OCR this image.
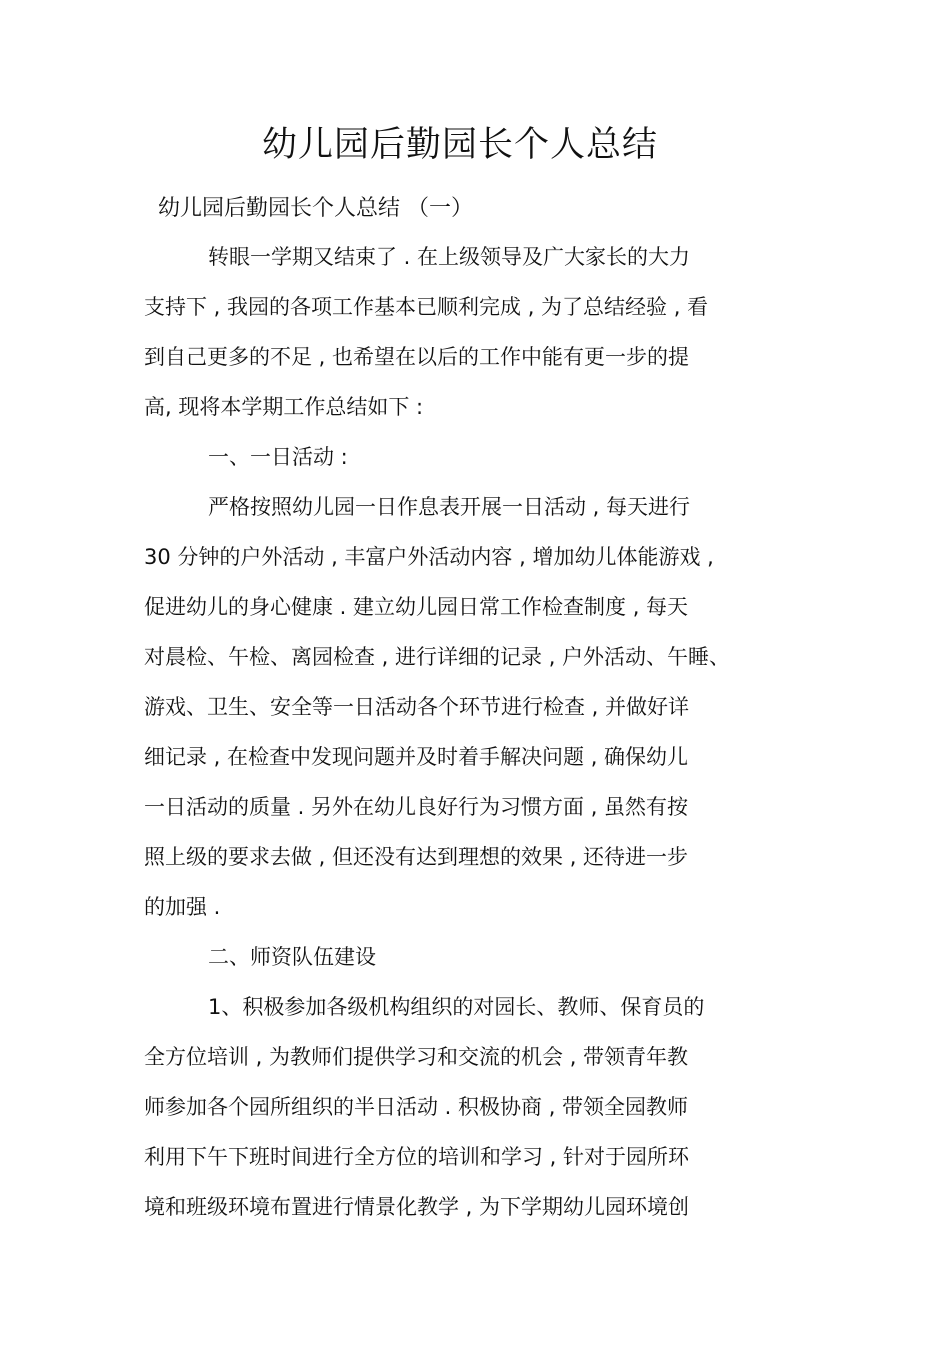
幼儿园后勤园长个人总结
幼儿园后勤园长个人总结 （一）
转眼一学期又结束了 . 在上级领导及广大家长的大力
支持下 , 我园的各项工作基本已顺利完成 , 为了总结经验 , 看
到自己更多的不足 , 也希望在以后的工作中能有更一步的提
高, 现将本学期工作总结如下 :
一、一日活动 :
严格按照幼儿园一日作息表开展一日活动 , 每天进行
30 分钟的户外活动 , 丰富户外活动内容 , 增加幼儿体能游戏 ,
促进幼儿的身心健康 . 建立幼儿园日常工作检查制度 , 每天
对晨检、午检、离园检查 , 进行详细的记录 , 户外活动、午睡、
游戏、卫生、安全等一日活动各个环节进行检查 , 并做好详
细记录 , 在检查中发现问题并及时着手解决问题 , 确保幼儿
一日活动的质量 . 另外在幼儿良好行为习惯方面 , 虽然有按
照上级的要求去做 , 但还没有达到理想的效果 , 还待进一步
的加强 .
二、师资队伍建设
1、积极参加各级机构组织的对园长、教师、保育员的
全方位培训 , 为教师们提供学习和交流的机会 , 带领青年教
师参加各个园所组织的半日活动 . 积极协商 , 带领全园教师
利用下午下班时间进行全方位的培训和学习 , 针对于园所环
境和班级环境布置进行情景化教学 , 为下学期幼儿园环境创
